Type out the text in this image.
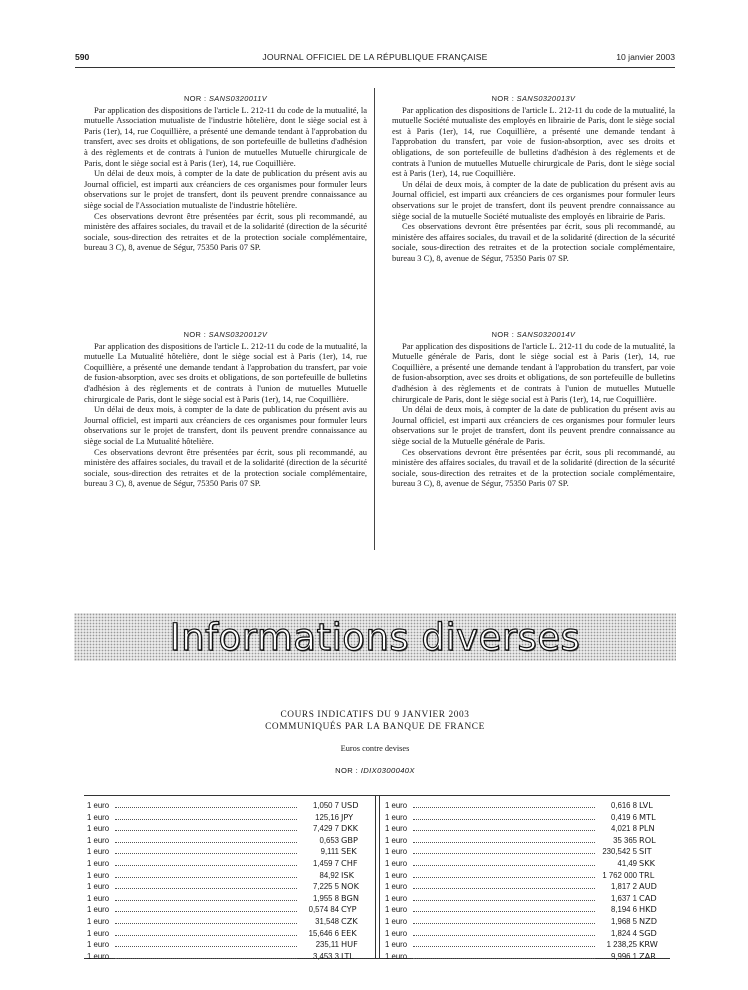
590	JOURNAL OFFICIEL DE LA RÉPUBLIQUE FRANÇAISE	10 janvier 2003

NOR : SANS0320011V

Par application des dispositions de l'article L. 212-11 du code de la mutualité, la mutuelle Association mutualiste de l'industrie hôtelière, dont le siège social est à Paris (1er), 14, rue Coquillière, a présenté une demande tendant à l'approbation du transfert, avec ses droits et obligations, de son portefeuille de bulletins d'adhésion à des règlements et de contrats à l'union de mutuelles Mutuelle chirurgicale de Paris, dont le siège social est à Paris (1er), 14, rue Coquillière.

Un délai de deux mois, à compter de la date de publication du présent avis au Journal officiel, est imparti aux créanciers de ces organismes pour formuler leurs observations sur le projet de transfert, dont ils peuvent prendre connaissance au siège social de l'Association mutualiste de l'industrie hôtelière.

Ces observations devront être présentées par écrit, sous pli recommandé, au ministère des affaires sociales, du travail et de la solidarité (direction de la sécurité sociale, sous-direction des retraites et de la protection sociale complémentaire, bureau 3 C), 8, avenue de Ségur, 75350 Paris 07 SP.

NOR : SANS0320013V

Par application des dispositions de l'article L. 212-11 du code de la mutualité, la mutuelle Société mutualiste des employés en librairie de Paris, dont le siège social est à Paris (1er), 14, rue Coquillière, a présenté une demande tendant à l'approbation du transfert, par voie de fusion-absorption, avec ses droits et obligations, de son portefeuille de bulletins d'adhésion à des règlements et de contrats à l'union de mutuelles Mutuelle chirurgicale de Paris, dont le siège social est à Paris (1er), 14, rue Coquillière.

Un délai de deux mois, à compter de la date de publication du présent avis au Journal officiel, est imparti aux créanciers de ces organismes pour formuler leurs observations sur le projet de transfert, dont ils peuvent prendre connaissance au siège social de la mutuelle Société mutualiste des employés en librairie de Paris.

Ces observations devront être présentées par écrit, sous pli recommandé, au ministère des affaires sociales, du travail et de la solidarité (direction de la sécurité sociale, sous-direction des retraites et de la protection sociale complémentaire, bureau 3 C), 8, avenue de Ségur, 75350 Paris 07 SP.

NOR : SANS0320012V

Par application des dispositions de l'article L. 212-11 du code de la mutualité, la mutuelle La Mutualité hôtelière, dont le siège social est à Paris (1er), 14, rue Coquillière, a présenté une demande tendant à l'approbation du transfert, par voie de fusion-absorption, avec ses droits et obligations, de son portefeuille de bulletins d'adhésion à des règlements et de contrats à l'union de mutuelles Mutuelle chirurgicale de Paris, dont le siège social est à Paris (1er), 14, rue Coquillière.

Un délai de deux mois, à compter de la date de publication du présent avis au Journal officiel, est imparti aux créanciers de ces organismes pour formuler leurs observations sur le projet de transfert, dont ils peuvent prendre connaissance au siège social de La Mutualité hôtelière.

Ces observations devront être présentées par écrit, sous pli recommandé, au ministère des affaires sociales, du travail et de la solidarité (direction de la sécurité sociale, sous-direction des retraites et de la protection sociale complémentaire, bureau 3 C), 8, avenue de Ségur, 75350 Paris 07 SP.

NOR : SANS0320014V

Par application des dispositions de l'article L. 212-11 du code de la mutualité, la Mutuelle générale de Paris, dont le siège social est à Paris (1er), 14, rue Coquillière, a présenté une demande tendant à l'approbation du transfert, par voie de fusion-absorption, avec ses droits et obligations, de son portefeuille de bulletins d'adhésion à des règlements et de contrats à l'union de mutuelles Mutuelle chirurgicale de Paris, dont le siège social est à Paris (1er), 14, rue Coquillière.

Un délai de deux mois, à compter de la date de publication du présent avis au Journal officiel, est imparti aux créanciers de ces organismes pour formuler leurs observations sur le projet de transfert, dont ils peuvent prendre connaissance au siège social de la Mutuelle générale de Paris.

Ces observations devront être présentées par écrit, sous pli recommandé, au ministère des affaires sociales, du travail et de la solidarité (direction de la sécurité sociale, sous-direction des retraites et de la protection sociale complémentaire, bureau 3 C), 8, avenue de Ségur, 75350 Paris 07 SP.

Informations diverses
COURS INDICATIFS DU 9 JANVIER 2003
COMMUNIQUÉS PAR LA BANQUE DE FRANCE
Euros contre devises
NOR : IDIX0300040X
1 euro	1,050 7 USD
1 euro	125,16 JPY
1 euro	7,429 7 DKK
1 euro	0,653 GBP
1 euro	9,111 SEK
1 euro	1,459 7 CHF
1 euro	84,92 ISK
1 euro	7,225 5 NOK
1 euro	1,955 8 BGN
1 euro	0,574 84 CYP
1 euro	31,548 CZK
1 euro	15,646 6 EEK
1 euro	235,11 HUF
1 euro	3,453 3 LTL
1 euro	0,616 8 LVL
1 euro	0,419 6 MTL
1 euro	4,021 8 PLN
1 euro	35 365 ROL
1 euro	230,542 5 SIT
1 euro	41,49 SKK
1 euro	1 762 000 TRL
1 euro	1,817 2 AUD
1 euro	1,637 1 CAD
1 euro	8,194 6 HKD
1 euro	1,968 5 NZD
1 euro	1,824 4 SGD
1 euro	1 238,25 KRW
1 euro	9,996 1 ZAR
